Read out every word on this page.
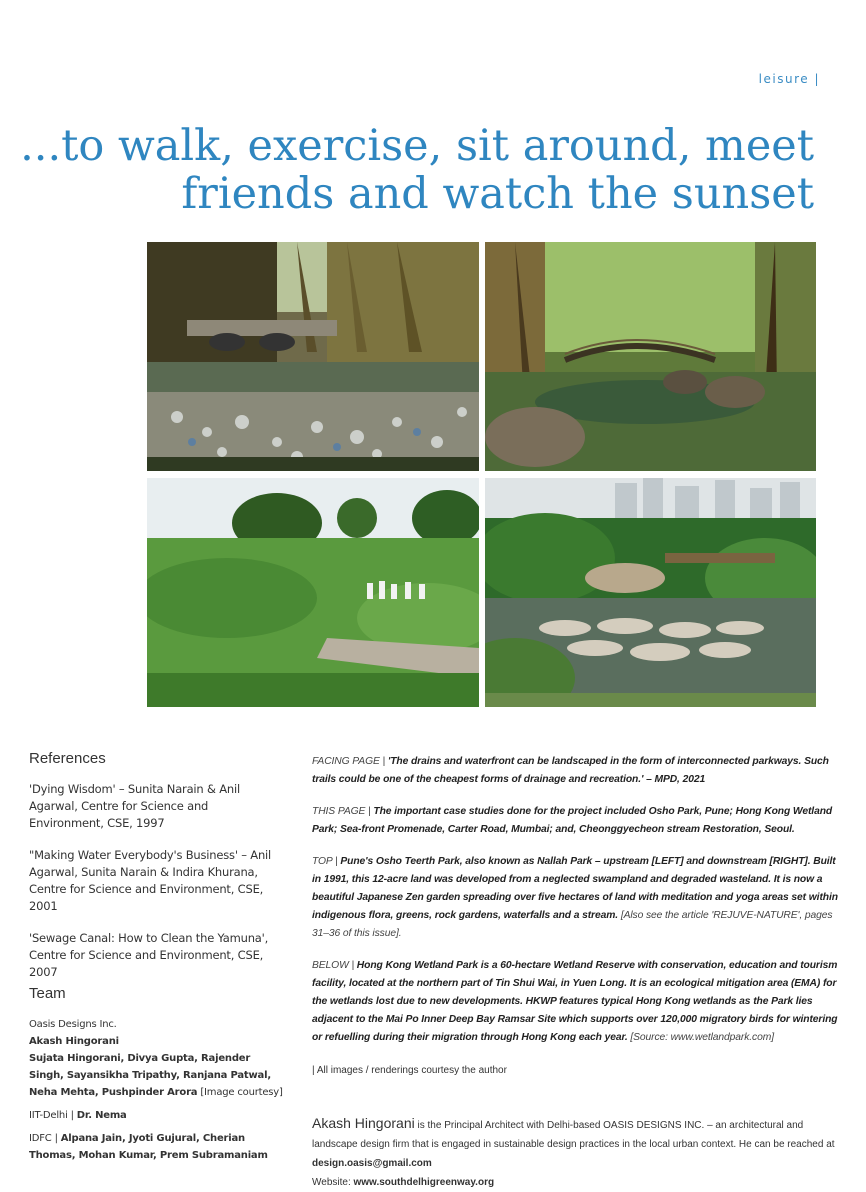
leisure |
...to walk, exercise, sit around, meet
friends and watch the sunset
References
'Dying Wisdom' – Sunita Narain & Anil Agarwal, Centre for Science and Environment, CSE, 1997
"Making Water Everybody's Business' – Anil Agarwal, Sunita Narain & Indira Khurana, Centre for Science and Environment, CSE, 2001
'Sewage Canal: How to Clean the Yamuna', Centre for Science and Environment, CSE, 2007
Team
Oasis Designs Inc.
Akash Hingorani
Sujata Hingorani, Divya Gupta, Rajender Singh, Sayansikha Tripathy, Ranjana Patwal, Neha Mehta, Pushpinder Arora [Image courtesy]
IIT-Delhi | Dr. Nema
IDFC | Alpana Jain, Jyoti Gujural, Cherian Thomas, Mohan Kumar, Prem Subramaniam
FACING PAGE | 'The drains and waterfront can be landscaped in the form of interconnected parkways. Such trails could be one of the cheapest forms of drainage and recreation.' – MPD, 2021
THIS PAGE | The important case studies done for the project included Osho Park, Pune; Hong Kong Wetland Park; Sea-front Promenade, Carter Road, Mumbai; and, Cheonggyecheon stream Restoration, Seoul.
TOP | Pune's Osho Teerth Park, also known as Nallah Park – upstream [LEFT] and downstream [RIGHT]. Built in 1991, this 12-acre land was developed from a neglected swampland and degraded wasteland. It is now a beautiful Japanese Zen garden spreading over five hectares of land with meditation and yoga areas set within indigenous flora, greens, rock gardens, waterfalls and a stream. [Also see the article 'REJUVE-NATURE', pages 31–36 of this issue].
BELOW | Hong Kong Wetland Park is a 60-hectare Wetland Reserve with conservation, education and tourism facility, located at the northern part of Tin Shui Wai, in Yuen Long. It is an ecological mitigation area (EMA) for the wetlands lost due to new developments. HKWP features typical Hong Kong wetlands as the Park lies adjacent to the Mai Po Inner Deep Bay Ramsar Site which supports over 120,000 migratory birds for wintering or refuelling during their migration through Hong Kong each year. [Source: www.wetlandpark.com]
| All images / renderings courtesy the author
Akash Hingorani is the Principal Architect with Delhi-based OASIS DESIGNS INC. – an architectural and landscape design firm that is engaged in sustainable design practices in the local urban context. He can be reached at design.oasis@gmail.com
Website: www.southdelhigreenway.org
